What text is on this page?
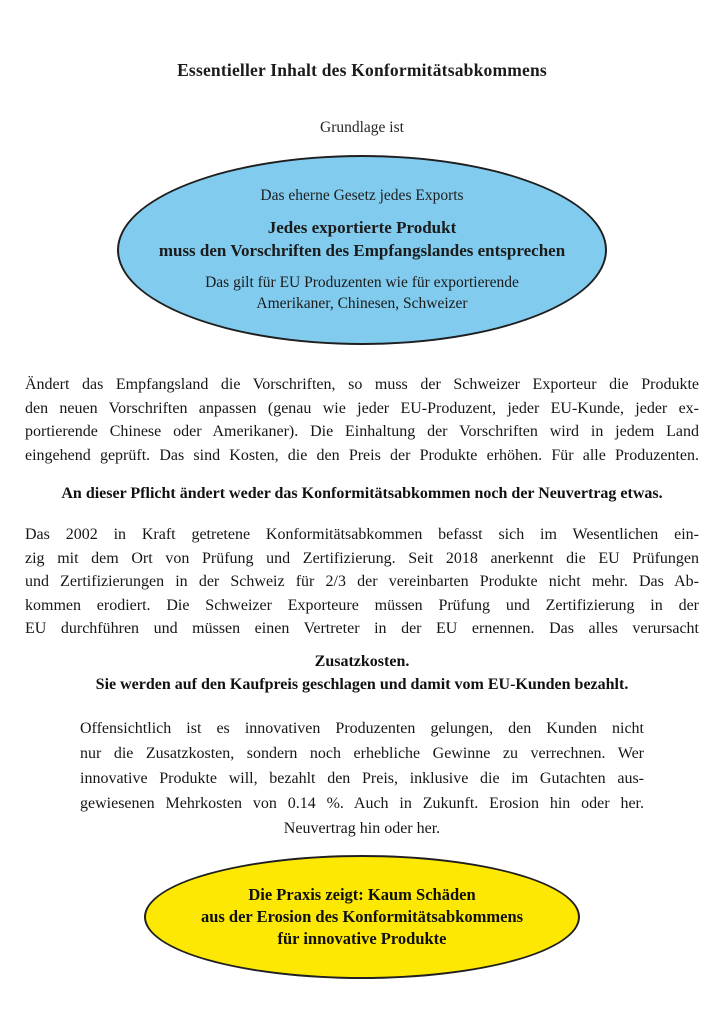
Essentieller Inhalt des Konformitätsabkommens
Grundlage ist
Das eherne Gesetz jedes Exports
Jedes exportierte Produkt
muss den Vorschriften des Empfangslandes entsprechen
Das gilt für EU Produzenten wie für exportierende
Amerikaner, Chinesen, Schweizer
Ändert das Empfangsland die Vorschriften, so muss der Schweizer Exporteur die Produkte
den neuen Vorschriften anpassen (genau wie jeder EU-Produzent, jeder EU-Kunde, jeder ex-
portierende Chinese oder Amerikaner). Die Einhaltung der Vorschriften wird in jedem Land
eingehend geprüft. Das sind Kosten, die den Preis der Produkte erhöhen. Für alle Produzenten.
An dieser Pflicht ändert weder das Konformitätsabkommen noch der Neuvertrag etwas.
Das 2002 in Kraft getretene Konformitätsabkommen befasst sich im Wesentlichen ein-
zig mit dem Ort von Prüfung und Zertifizierung. Seit 2018 anerkennt die EU Prüfungen
und Zertifizierungen in der Schweiz für 2/3 der vereinbarten Produkte nicht mehr. Das Ab-
kommen erodiert. Die Schweizer Exporteure müssen Prüfung und Zertifizierung in der
EU durchführen und müssen einen Vertreter in der EU ernennen. Das alles verursacht
Zusatzkosten.
Sie werden auf den Kaufpreis geschlagen und damit vom EU-Kunden bezahlt.
Offensichtlich ist es innovativen Produzenten gelungen, den Kunden nicht
nur die Zusatzkosten, sondern noch erhebliche Gewinne zu verrechnen. Wer
innovative Produkte will, bezahlt den Preis, inklusive die im Gutachten aus-
gewiesenen Mehrkosten von 0.14 %. Auch in Zukunft. Erosion hin oder her.
Neuvertrag hin oder her.
Die Praxis zeigt: Kaum Schäden
aus der Erosion des Konformitätsabkommens
für innovative Produkte
